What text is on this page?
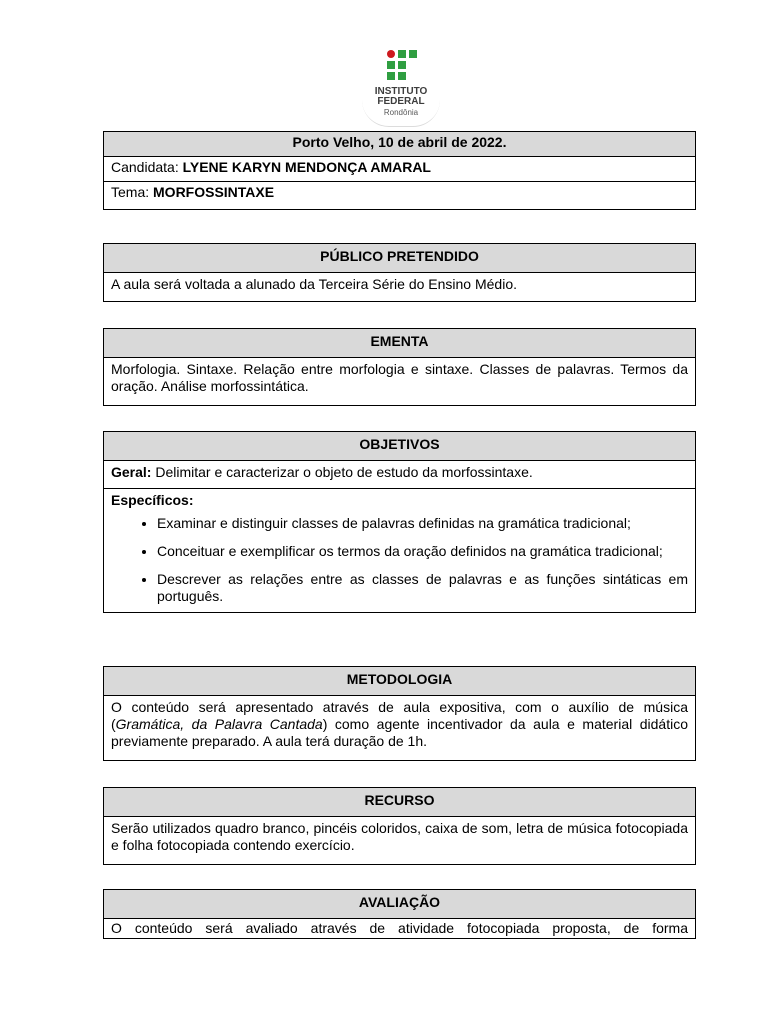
INSTITUTO
FEDERAL
Rondônia
Porto Velho, 10 de abril de 2022.
Candidata: LYENE KARYN MENDONÇA AMARAL
Tema: MORFOSSINTAXE
PÚBLICO PRETENDIDO
A aula será voltada a alunado da Terceira Série do Ensino Médio.
EMENTA
Morfologia. Sintaxe. Relação entre morfologia e sintaxe. Classes de palavras. Termos da oração. Análise morfossintática.
OBJETIVOS
Geral: Delimitar e caracterizar o objeto de estudo da morfossintaxe.
Específicos:
• Examinar e distinguir classes de palavras definidas na gramática tradicional;
• Conceituar e exemplificar os termos da oração definidos na gramática tradicional;
• Descrever as relações entre as classes de palavras e as funções sintáticas em português.
METODOLOGIA
O conteúdo será apresentado através de aula expositiva, com o auxílio de música (Gramática, da Palavra Cantada) como agente incentivador da aula e material didático previamente preparado. A aula terá duração de 1h.
RECURSO
Serão utilizados quadro branco, pincéis coloridos, caixa de som, letra de música fotocopiada e folha fotocopiada contendo exercício.
AVALIAÇÃO
O conteúdo será avaliado através de atividade fotocopiada proposta, de forma
